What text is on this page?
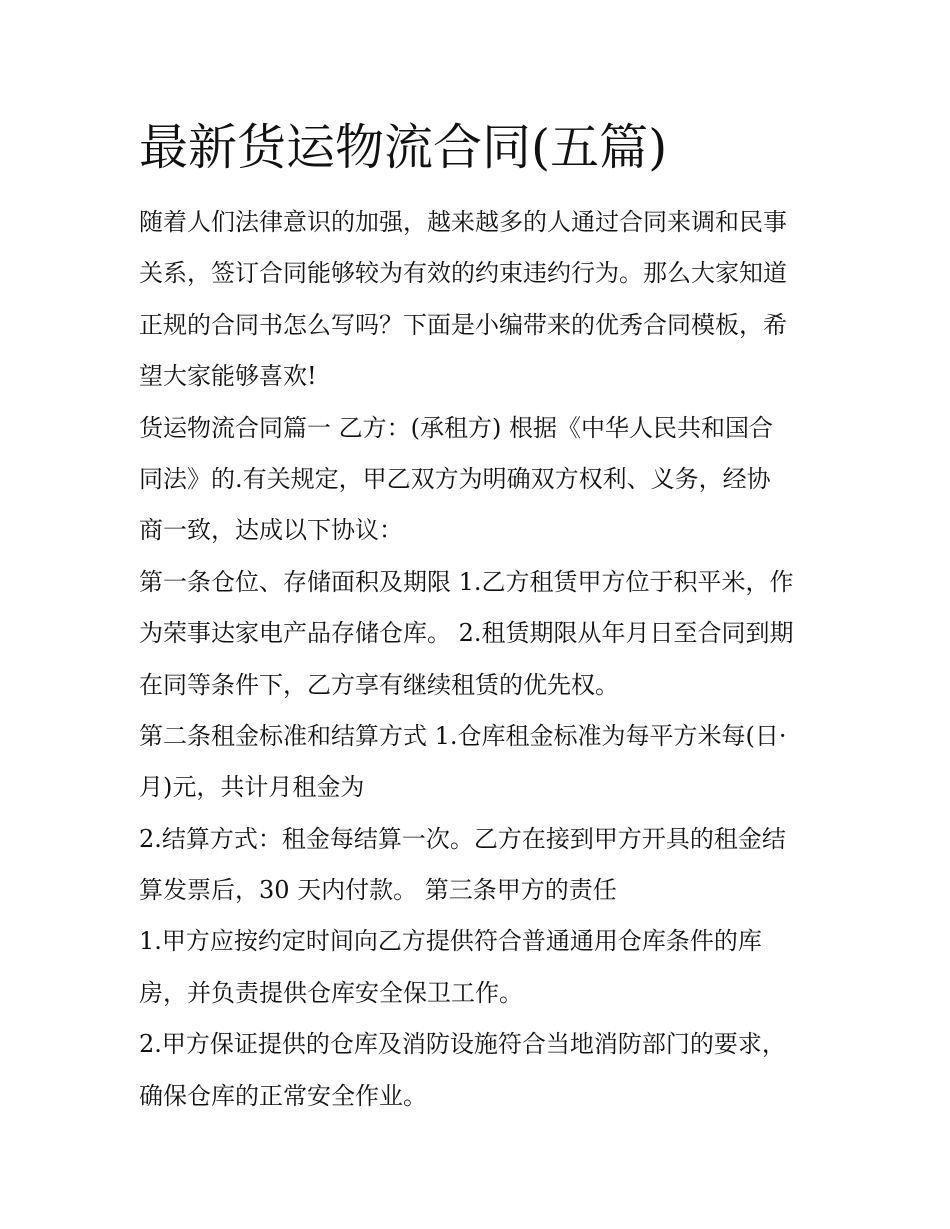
最新货运物流合同(五篇)
随着人们法律意识的加强，越来越多的人通过合同来调和民事
关系，签订合同能够较为有效的约束违约行为。那么大家知道
正规的合同书怎么写吗？下面是小编带来的优秀合同模板，希
望大家能够喜欢!
货运物流合同篇一 乙方：(承租方) 根据《中华人民共和国合
同法》的.有关规定，甲乙双方为明确双方权利、义务，经协
商一致，达成以下协议：
第一条仓位、存储面积及期限 1.乙方租赁甲方位于积平米，作
为荣事达家电产品存储仓库。 2.租赁期限从年月日至合同到期
在同等条件下，乙方享有继续租赁的优先权。
第二条租金标准和结算方式 1.仓库租金标准为每平方米每(日·
月)元，共计月租金为
2.结算方式：租金每结算一次。乙方在接到甲方开具的租金结
算发票后，30 天内付款。 第三条甲方的责任
1.甲方应按约定时间向乙方提供符合普通通用仓库条件的库
房，并负责提供仓库安全保卫工作。
2.甲方保证提供的仓库及消防设施符合当地消防部门的要求，
确保仓库的正常安全作业。
